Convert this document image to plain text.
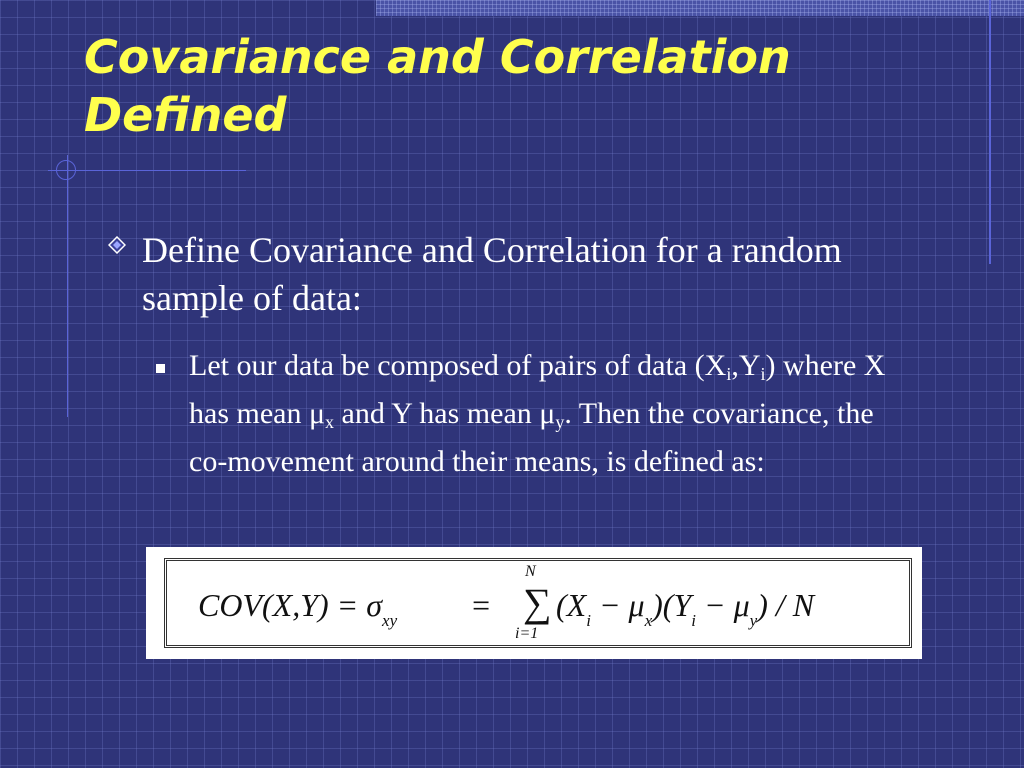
Covariance and Correlation
Defined
Define Covariance and Correlation for a random sample of data:
Let our data be composed of pairs of data $(X_i,Y_i)$ where X has mean $\mu_x$ and Y has mean $\mu_y$. Then the covariance, the co-movement around their means, is defined as:
$COV(X,Y) = \sigma_{xy}$ = ∑
N
i=1
$(X_i - \mu_x)(Y_i - \mu_y) / N$
